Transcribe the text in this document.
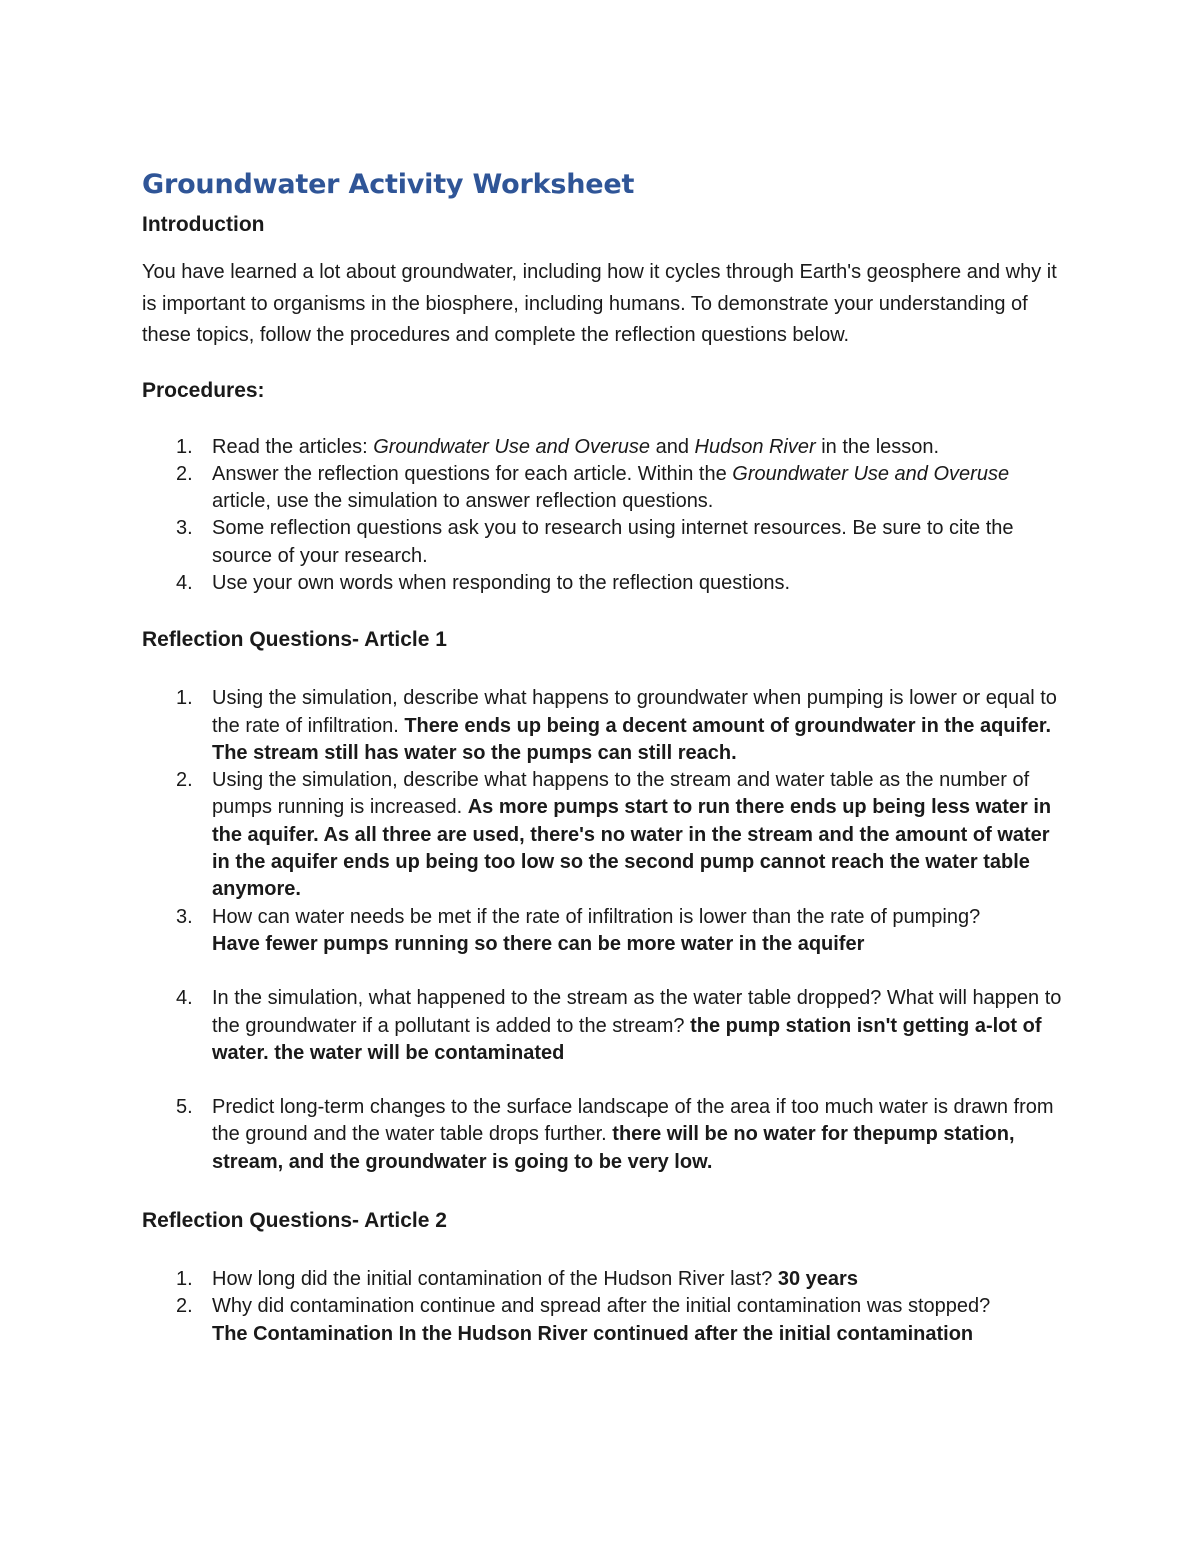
Groundwater Activity Worksheet
Introduction

You have learned a lot about groundwater, including how it cycles through Earth's geosphere and why it is important to organisms in the biosphere, including humans. To demonstrate your understanding of these topics, follow the procedures and complete the reflection questions below.

Procedures:
1. Read the articles: Groundwater Use and Overuse and Hudson River in the lesson.
2. Answer the reflection questions for each article. Within the Groundwater Use and Overuse article, use the simulation to answer reflection questions.
3. Some reflection questions ask you to research using internet resources. Be sure to cite the source of your research.
4. Use your own words when responding to the reflection questions.
Reflection Questions- Article 1
1. Using the simulation, describe what happens to groundwater when pumping is lower or equal to the rate of infiltration. There ends up being a decent amount of groundwater in the aquifer. The stream still has water so the pumps can still reach.
2. Using the simulation, describe what happens to the stream and water table as the number of pumps running is increased. As more pumps start to run there ends up being less water in the aquifer. As all three are used, there's no water in the stream and the amount of water in the aquifer ends up being too low so the second pump cannot reach the water table anymore.
3. How can water needs be met if the rate of infiltration is lower than the rate of pumping?
Have fewer pumps running so there can be more water in the aquifer
4. In the simulation, what happened to the stream as the water table dropped? What will happen to the groundwater if a pollutant is added to the stream? the pump station isn't getting a-lot of water. the water will be contaminated
5. Predict long-term changes to the surface landscape of the area if too much water is drawn from the ground and the water table drops further. there will be no water for thepump station, stream, and the groundwater is going to be very low.
Reflection Questions- Article 2
1. How long did the initial contamination of the Hudson River last? 30 years
2. Why did contamination continue and spread after the initial contamination was stopped?
The Contamination In the Hudson River continued after the initial contamination
